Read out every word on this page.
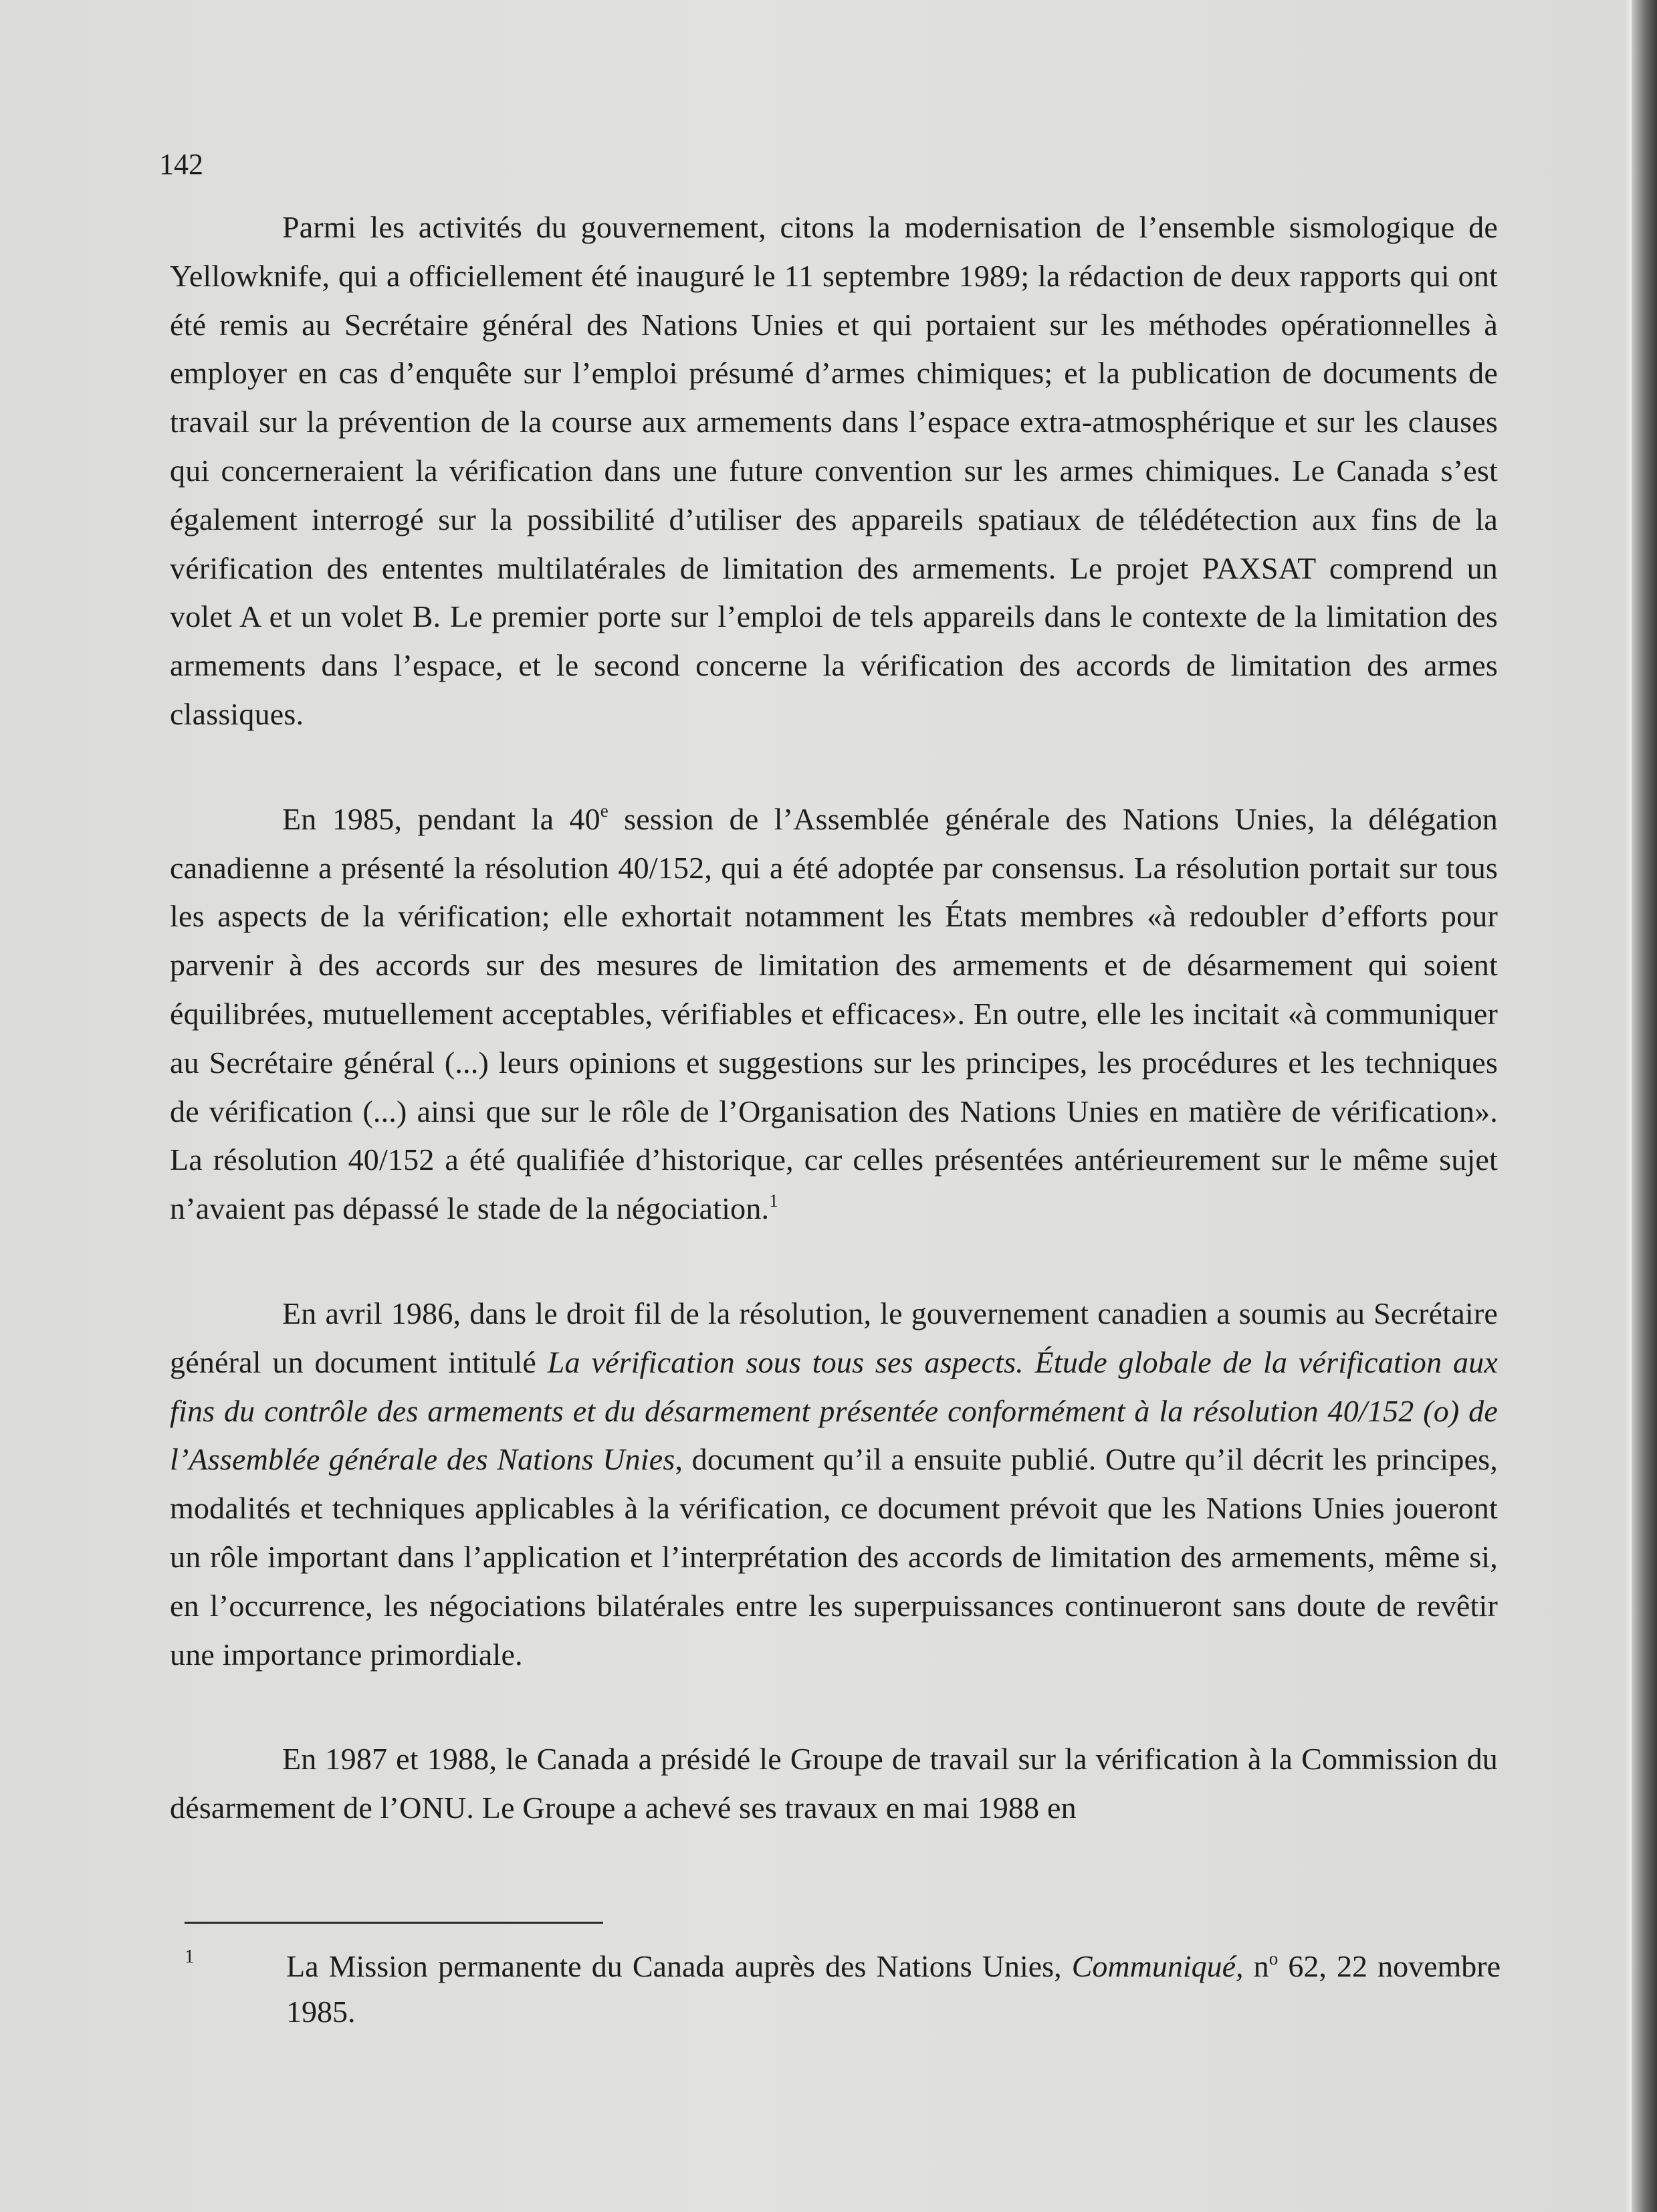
142

Parmi les activités du gouvernement, citons la modernisation de l’ensemble sismologique de Yellowknife, qui a officiellement été inauguré le 11 septembre 1989; la rédaction de deux rapports qui ont été remis au Secrétaire général des Nations Unies et qui portaient sur les méthodes opérationnelles à employer en cas d’enquête sur l’emploi présumé d’armes chimiques; et la publication de documents de travail sur la prévention de la course aux armements dans l’espace extra-atmosphérique et sur les clauses qui concerneraient la vérification dans une future convention sur les armes chimiques. Le Canada s’est également interrogé sur la possibilité d’utiliser des appareils spatiaux de télédétection aux fins de la vérification des ententes multilatérales de limitation des armements. Le projet PAXSAT comprend un volet A et un volet B. Le premier porte sur l’emploi de tels appareils dans le contexte de la limitation des armements dans l’espace, et le second concerne la vérification des accords de limitation des armes classiques.

En 1985, pendant la 40e session de l’Assemblée générale des Nations Unies, la délégation canadienne a présenté la résolution 40/152, qui a été adoptée par consensus. La résolution portait sur tous les aspects de la vérification; elle exhortait notamment les États membres «à redoubler d’efforts pour parvenir à des accords sur des mesures de limitation des armements et de désarmement qui soient équilibrées, mutuellement acceptables, vérifiables et efficaces». En outre, elle les incitait «à communiquer au Secrétaire général (...) leurs opinions et suggestions sur les principes, les procédures et les techniques de vérification (...) ainsi que sur le rôle de l’Organisation des Nations Unies en matière de vérification». La résolution 40/152 a été qualifiée d’historique, car celles présentées antérieurement sur le même sujet n’avaient pas dépassé le stade de la négociation.$^1$

En avril 1986, dans le droit fil de la résolution, le gouvernement canadien a soumis au Secrétaire général un document intitulé La vérification sous tous ses aspects. Étude globale de la vérification aux fins du contrôle des armements et du désarmement présentée conformément à la résolution 40/152 (o) de l’Assemblée générale des Nations Unies, document qu’il a ensuite publié. Outre qu’il décrit les principes, modalités et techniques applicables à la vérification, ce document prévoit que les Nations Unies joueront un rôle important dans l’application et l’interprétation des accords de limitation des armements, même si, en l’occurrence, les négociations bilatérales entre les superpuissances continueront sans doute de revêtir une importance primordiale.

En 1987 et 1988, le Canada a présidé le Groupe de travail sur la vérification à la Commission du désarmement de l’ONU. Le Groupe a achevé ses travaux en mai 1988 en

1	La Mission permanente du Canada auprès des Nations Unies, Communiqué, $n^o$ 62, 22 novembre 1985.
